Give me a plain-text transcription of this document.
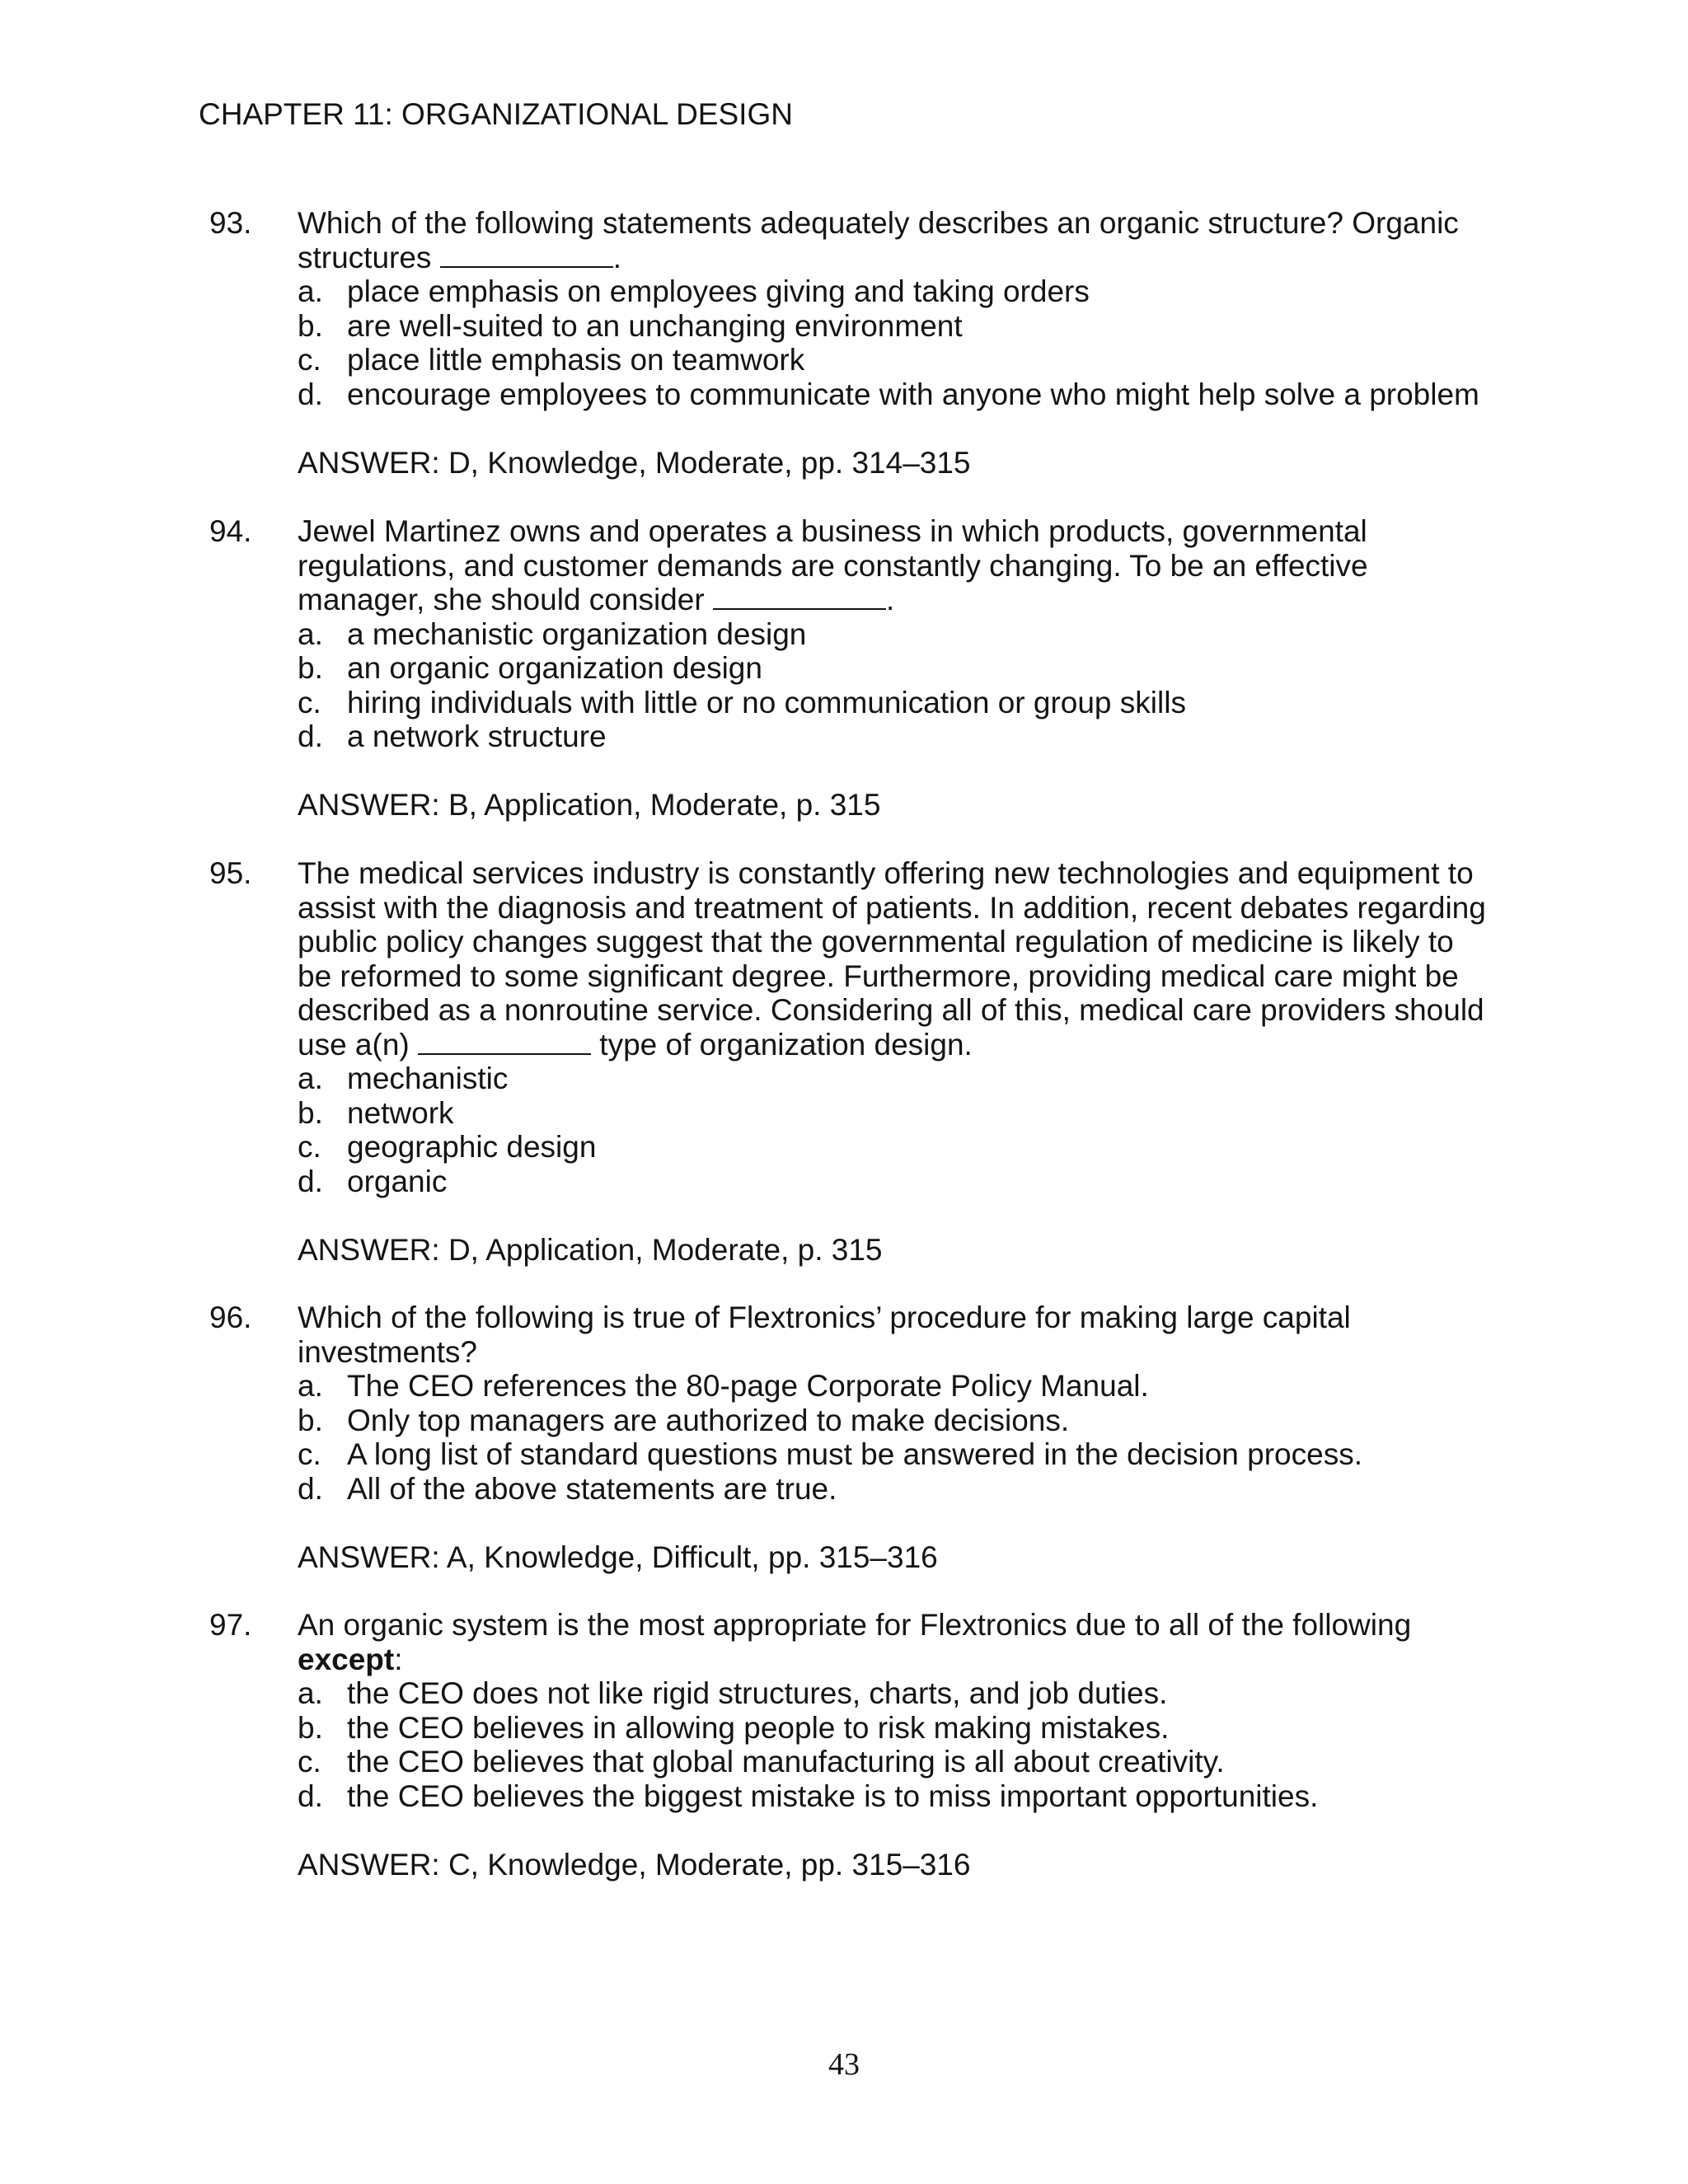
CHAPTER 11: ORGANIZATIONAL DESIGN
93. Which of the following statements adequately describes an organic structure? Organic structures	.

a. place emphasis on employees giving and taking orders
b. are well-suited to an unchanging environment
c. place little emphasis on teamwork
d. encourage employees to communicate with anyone who might help solve a problem
ANSWER: D, Knowledge, Moderate, pp. 314–315
94. Jewel Martinez owns and operates a business in which products, governmental regulations, and customer demands are constantly changing. To be an effective manager, she should consider	.

a. a mechanistic organization design
b. an organic organization design
c. hiring individuals with little or no communication or group skills
d. a network structure
ANSWER: B, Application, Moderate, p. 315
95. The medical services industry is constantly offering new technologies and equipment to assist with the diagnosis and treatment of patients. In addition, recent debates regarding public policy changes suggest that the governmental regulation of medicine is likely to be reformed to some significant degree. Furthermore, providing medical care might be described as a nonroutine service. Considering all of this, medical care providers should use a(n)	type of organization design.

a. mechanistic
b. network
c. geographic design
d. organic
ANSWER: D, Application, Moderate, p. 315
96. Which of the following is true of Flextronics’ procedure for making large capital investments?

a. The CEO references the 80-page Corporate Policy Manual.
b. Only top managers are authorized to make decisions.
c. A long list of standard questions must be answered in the decision process.
d. All of the above statements are true.
ANSWER: A, Knowledge, Difficult, pp. 315–316
97. An organic system is the most appropriate for Flextronics due to all of the following except:

a. the CEO does not like rigid structures, charts, and job duties.
b. the CEO believes in allowing people to risk making mistakes.
c. the CEO believes that global manufacturing is all about creativity.
d. the CEO believes the biggest mistake is to miss important opportunities.
ANSWER: C, Knowledge, Moderate, pp. 315–316
43
